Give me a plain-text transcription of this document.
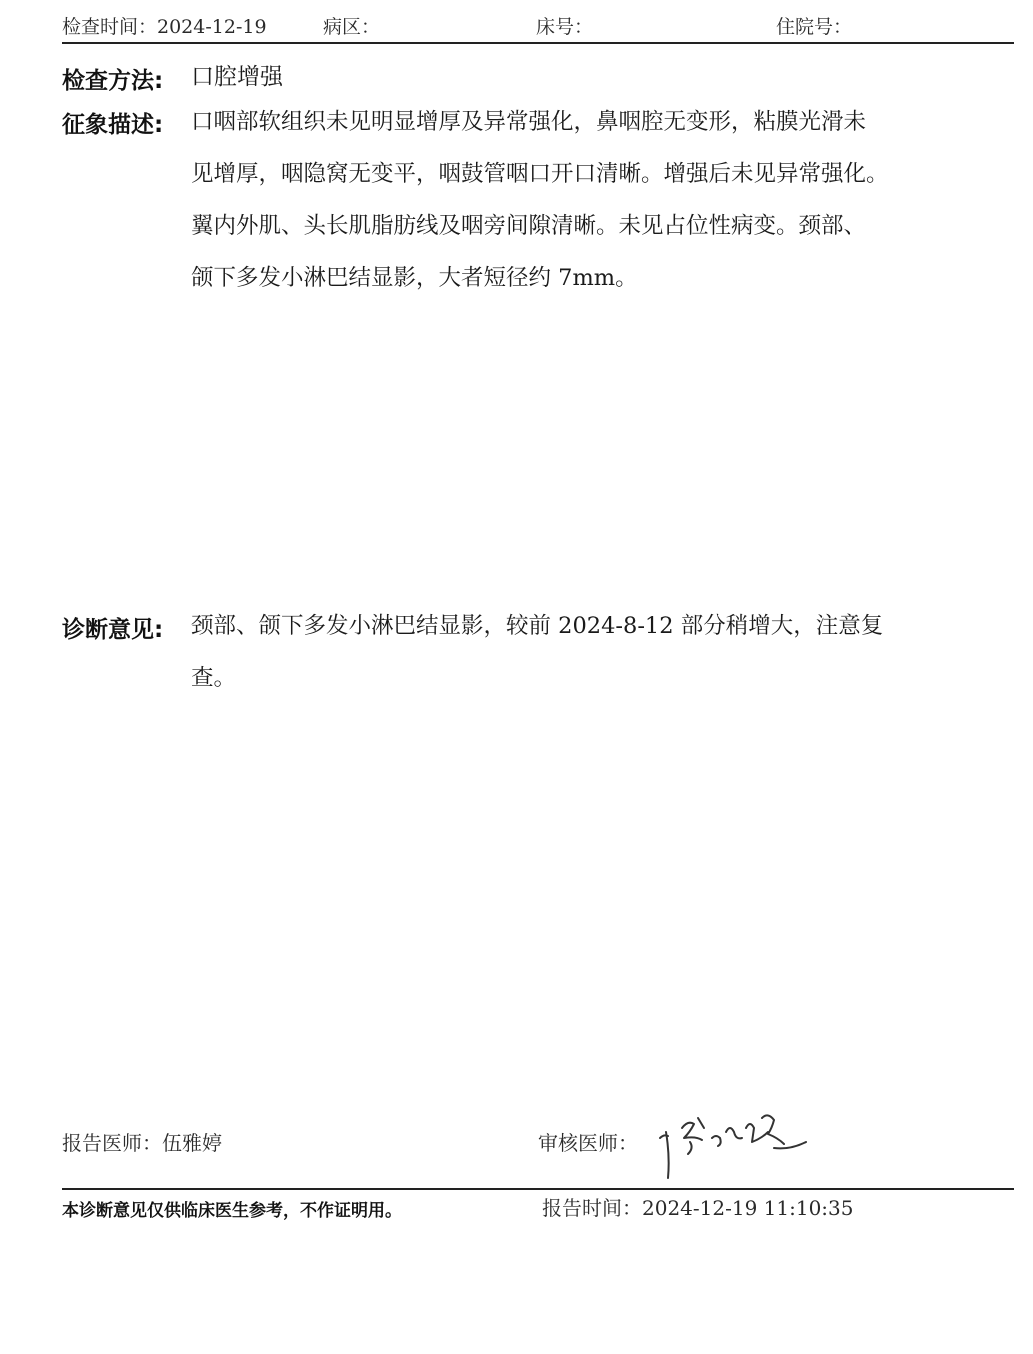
检查时间：2024-12-19	病区：	床号：	住院号：
检查方法: 口腔增强
征象描述: 口咽部软组织未见明显增厚及异常强化，鼻咽腔无变形，粘膜光滑未

见增厚，咽隐窝无变平，咽鼓管咽口开口清晰。增强后未见异常强化。

翼内外肌、头长肌脂肪线及咽旁间隙清晰。未见占位性病变。颈部、

颌下多发小淋巴结显影，大者短径约 7mm。

诊断意见: 颈部、颌下多发小淋巴结显影，较前 2024-8-12 部分稍增大，注意复

查。

报告医师：伍雅婷	审核医师：
本诊断意见仅供临床医生参考，不作证明用。	报告时间：2024-12-19 11:10:35
